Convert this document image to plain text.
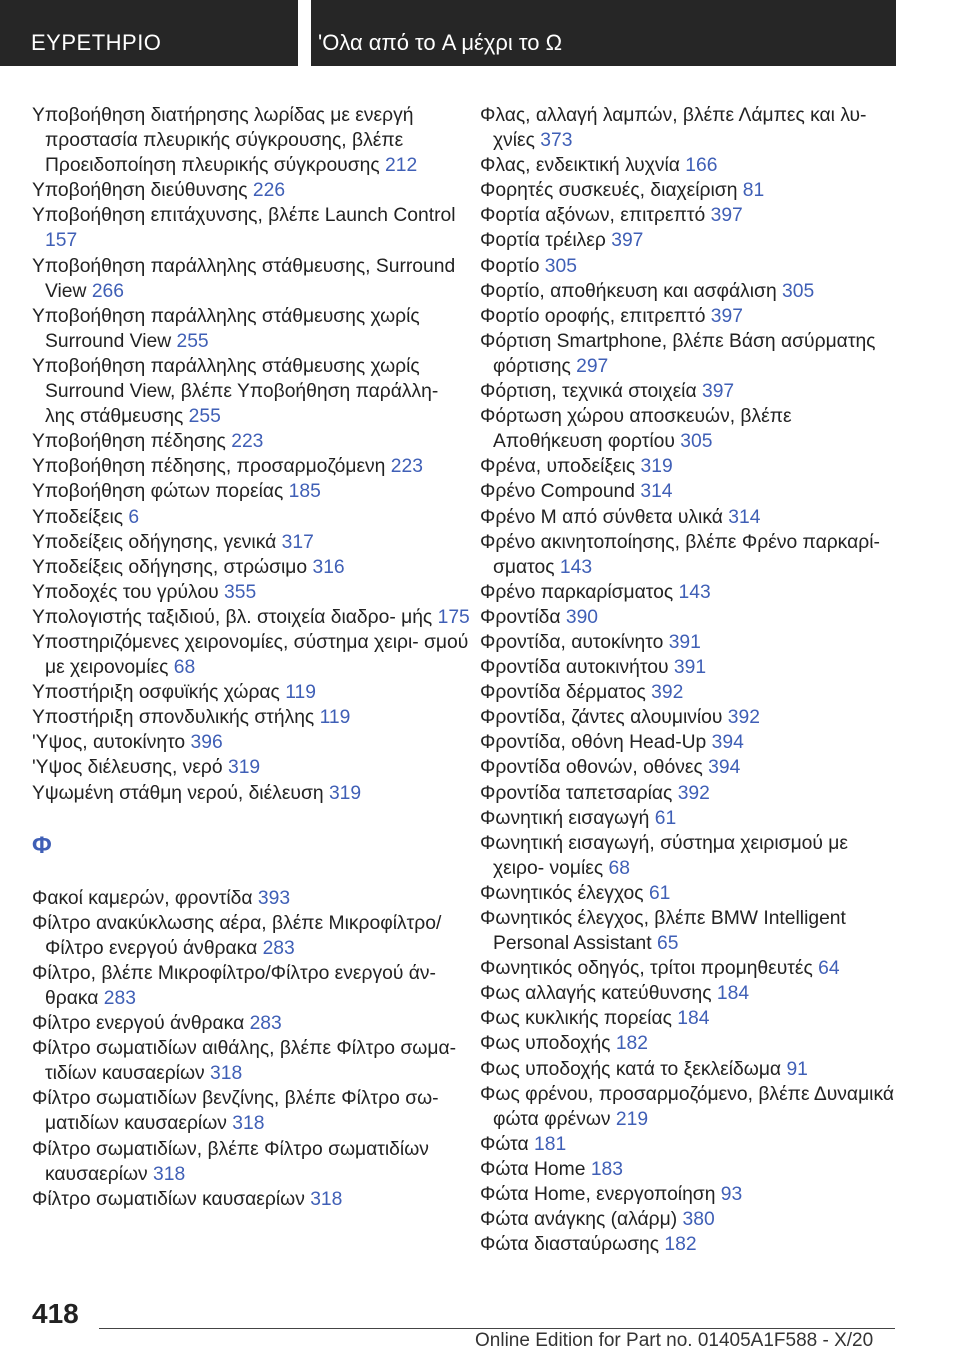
ΕΥΡΕΤΗΡΙΟ	'Ολα από το A μέχρι το Ω
Υποβοήθηση διατήρησης λωρίδας με ενεργή προστασία πλευρικής σύγκρουσης, βλέπε Προειδοποίηση πλευρικής σύγκρουσης 212
Υποβοήθηση διεύθυνσης 226
Υποβοήθηση επιτάχυνσης, βλέπε Launch Control 157
Υποβοήθηση παράλληλης στάθμευσης, Surround View 266
Υποβοήθηση παράλληλης στάθμευσης χωρίς Surround View 255
Υποβοήθηση παράλληλης στάθμευσης χωρίς Surround View, βλέπε Υποβοήθηση παράλλη- λης στάθμευσης 255
Υποβοήθηση πέδησης 223
Υποβοήθηση πέδησης, προσαρμοζόμενη 223
Υποβοήθηση φώτων πορείας 185
Υποδείξεις 6
Υποδείξεις οδήγησης, γενικά 317
Υποδείξεις οδήγησης, στρώσιμο 316
Υποδοχές του γρύλου 355
Υπολογιστής ταξιδιού, βλ. στοιχεία διαδρο- μής 175
Υποστηριζόμενες χειρονομίες, σύστημα χειρι- σμού με χειρονομίες 68
Υποστήριξη οσφυϊκής χώρας 119
Υποστήριξη σπονδυλικής στήλης 119
'Υψος, αυτοκίνητο 396
'Υψος διέλευσης, νερό 319
Υψωμένη στάθμη νερού, διέλευση 319
Φ
Φακοί καμερών, φροντίδα 393
Φίλτρο ανακύκλωσης αέρα, βλέπε Μικροφίλτρο/ Φίλτρο ενεργού άνθρακα 283
Φίλτρο, βλέπε Μικροφίλτρο/Φίλτρο ενεργού άν- θρακα 283
Φίλτρο ενεργού άνθρακα 283
Φίλτρο σωματιδίων αιθάλης, βλέπε Φίλτρο σωμα- τιδίων καυσαερίων 318
Φίλτρο σωματιδίων βενζίνης, βλέπε Φίλτρο σω- ματιδίων καυσαερίων 318
Φίλτρο σωματιδίων, βλέπε Φίλτρο σωματιδίων καυσαερίων 318
Φίλτρο σωματιδίων καυσαερίων 318
Φλας, αλλαγή λαμπών, βλέπε Λάμπες και λυ- χνίες 373
Φλας, ενδεικτική λυχνία 166
Φορητές συσκευές, διαχείριση 81
Φορτία αξόνων, επιτρεπτό 397
Φορτία τρέιλερ 397
Φορτίο 305
Φορτίο, αποθήκευση και ασφάλιση 305
Φορτίο οροφής, επιτρεπτό 397
Φόρτιση Smartphone, βλέπε Βάση ασύρματης φόρτισης 297
Φόρτιση, τεχνικά στοιχεία 397
Φόρτωση χώρου αποσκευών, βλέπε Αποθήκευση φορτίου 305
Φρένα, υποδείξεις 319
Φρένο Compound 314
Φρένο M από σύνθετα υλικά 314
Φρένο ακινητοποίησης, βλέπε Φρένο παρκαρί- σματος 143
Φρένο παρκαρίσματος 143
Φροντίδα 390
Φροντίδα, αυτοκίνητο 391
Φροντίδα αυτοκινήτου 391
Φροντίδα δέρματος 392
Φροντίδα, ζάντες αλουμινίου 392
Φροντίδα, οθόνη Head-Up 394
Φροντίδα οθονών, οθόνες 394
Φροντίδα ταπετσαρίας 392
Φωνητική εισαγωγή 61
Φωνητική εισαγωγή, σύστημα χειρισμού με χειρο- νομίες 68
Φωνητικός έλεγχος 61
Φωνητικός έλεγχος, βλέπε BMW Intelligent Personal Assistant 65
Φωνητικός οδηγός, τρίτοι προμηθευτές 64
Φως αλλαγής κατεύθυνσης 184
Φως κυκλικής πορείας 184
Φως υποδοχής 182
Φως υποδοχής κατά το ξεκλείδωμα 91
Φως φρένου, προσαρμοζόμενο, βλέπε Δυναμικά φώτα φρένων 219
Φώτα 181
Φώτα Home 183
Φώτα Home, ενεργοποίηση 93
Φώτα ανάγκης (αλάρμ) 380
Φώτα διασταύρωσης 182
418
Online Edition for Part no. 01405A1F588 - X/20
